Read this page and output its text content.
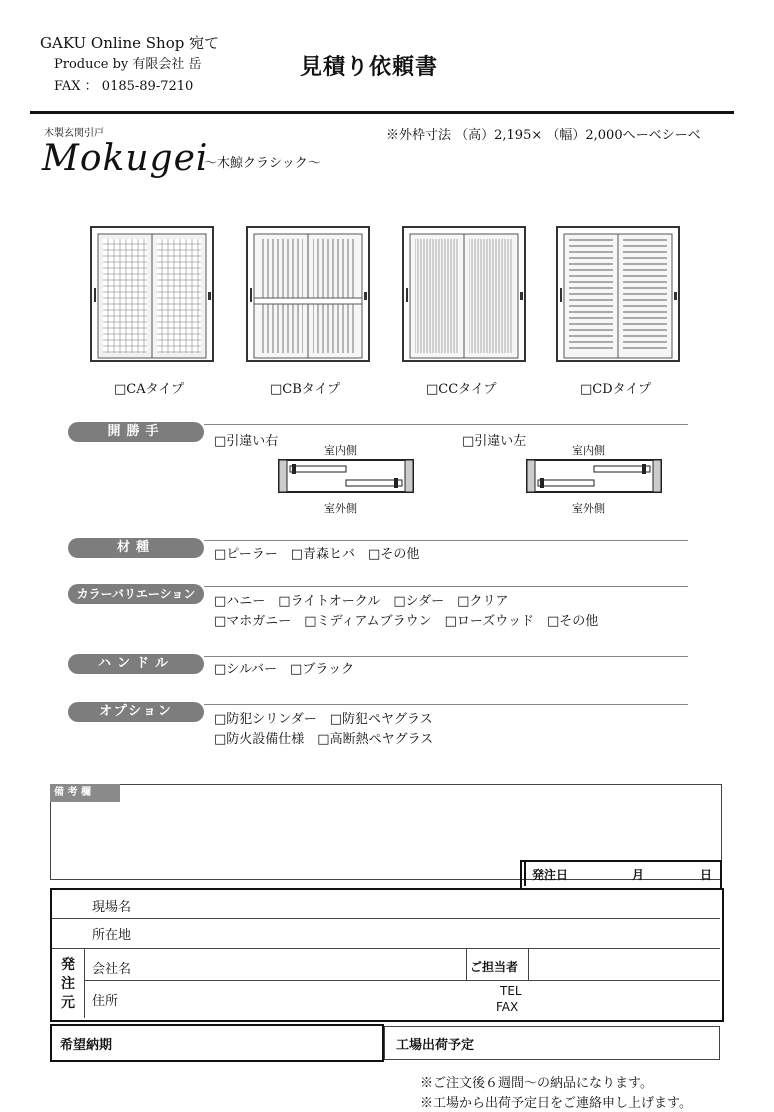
GAKU Online Shop 宛て
Produce by 有限会社 岳
FAX ： 0185-89-7210
見積り依頼書
木製玄関引戸	※外枠寸法 （高）2,195× （幅）2,000へーベシーベ
Mokugei
〜木鯨クラシック〜
□CAタイプ	□CBタイプ	□CCタイプ	□CDタイプ
開勝手
□引違い右	□引違い左
室内側	室内側
室外側	室外側
材種	□ピーラー　□青森ヒバ　□その他
カラーバリエーション	□ハニー　□ライトオークル　□シダー　□クリア
□マホガニー　□ミディアムブラウン　□ローズウッド　□その他
ハンドル	□シルバー　□ブラック
オプション
□防犯シリンダー　□防犯ペヤグラス
□防火設備仕様　□高断熱ペヤグラス
備 考 欄
発注日	月	日
現場名
所在地
発注元
会社名	ご担当者
住所
TEL
FAX
希望納期	工場出荷予定
※ご注文後６週間〜の納品になります。
※工場から出荷予定日をご連絡申し上げます。
